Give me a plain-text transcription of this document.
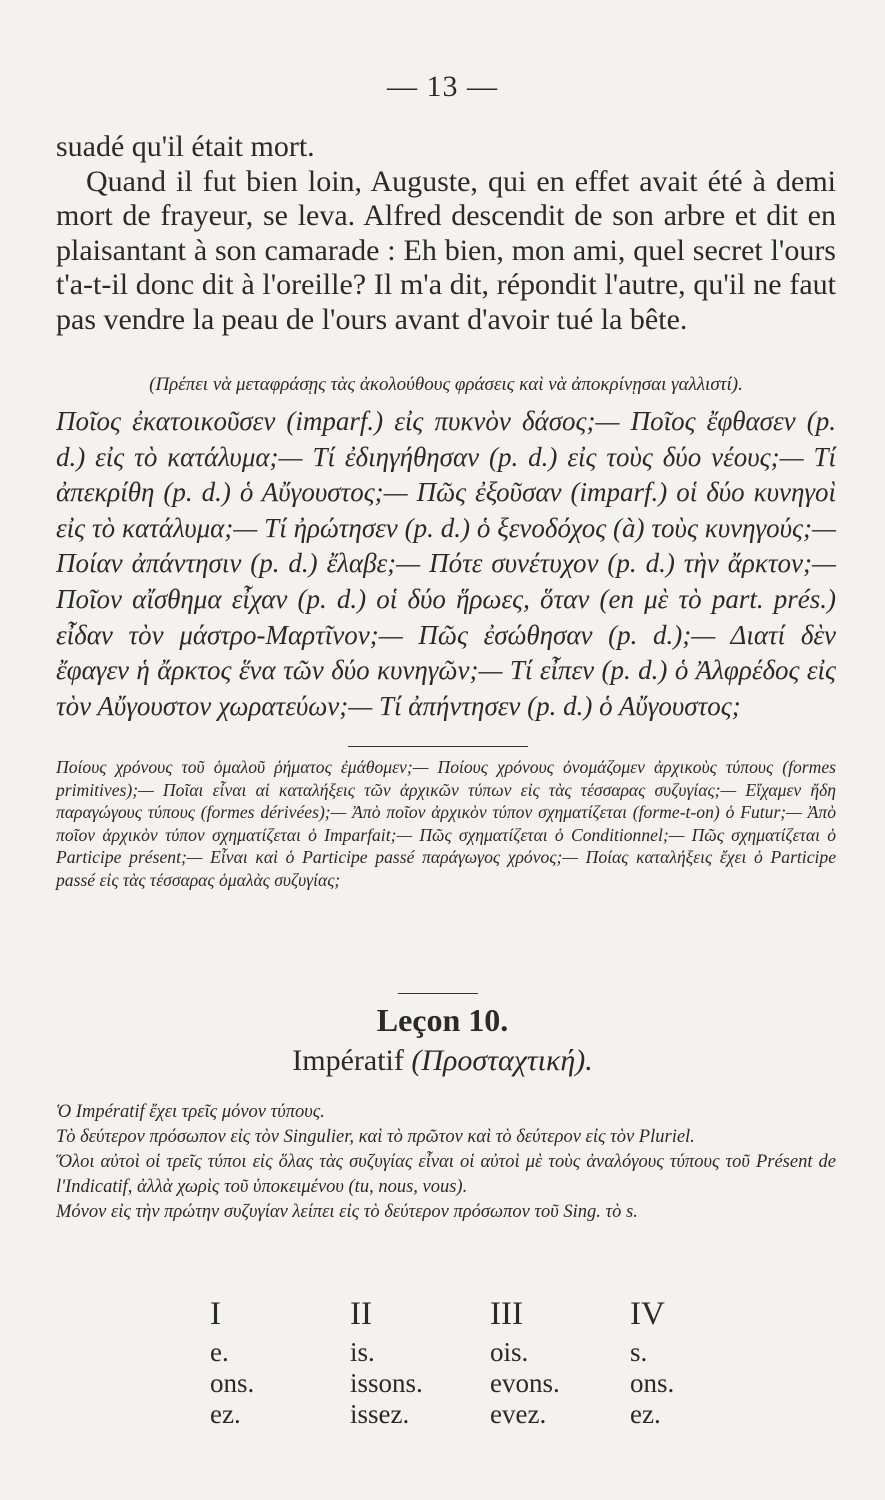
— 13 —

suadé qu'il était mort.

Quand il fut bien loin, Auguste, qui en effet avait été à demi mort de frayeur, se leva. Alfred descendit de son arbre et dit en plaisantant à son camarade : Eh bien, mon ami, quel secret l'ours t'a-t-il donc dit à l'oreille? Il m'a dit, répondit l'autre, qu'il ne faut pas vendre la peau de l'ours avant d'avoir tué la bête.

(Πρέπει νὰ μεταφράσῃς τὰς ἀκολούθους φράσεις καὶ νὰ ἀποκρίνῃσαι γαλλιστί).
Ποῖος ἐκατοικοῦσεν (imparf.) εἰς πυκνὸν δάσος;— Ποῖος ἔφθασεν (p. d.) εἰς τὸ κατάλυμα;— Τί ἐδιηγήθησαν (p. d.) εἰς τοὺς δύο νέους;— Τί ἀπεκρίθη (p. d.) ὁ Αὔγουστος;— Πῶς ἐξοῦσαν (imparf.) οἱ δύο κυνηγοὶ εἰς τὸ κατάλυμα;— Τί ἠρώτησεν (p. d.) ὁ ξενοδόχος (à) τοὺς κυνηγούς;— Ποίαν ἀπάντησιν (p. d.) ἔλαβε;— Πότε συνέτυχον (p. d.) τὴν ἄρκτον;— Ποῖον αἴσθημα εἶχαν (p. d.) οἱ δύο ἥρωες, ὅταν (en μὲ τὸ part. prés.) εἶδαν τὸν μάστρο-Μαρτῖνον;— Πῶς ἐσώθησαν (p. d.);— Διατί δὲν ἔφαγεν ἡ ἄρκτος ἕνα τῶν δύο κυνηγῶν;— Τί εἶπεν (p. d.) ὁ Ἀλφρέδος εἰς τὸν Αὔγουστον χωρατεύων;— Τί ἀπήντησεν (p. d.) ὁ Αὔγουστος;
Ποίους χρόνους τοῦ ὁμαλοῦ ῥήματος ἐμάθομεν;— Ποίους χρόνους ὀνομάζομεν ἀρχικοὺς τύπους (formes primitives);— Ποῖαι εἶναι αἱ καταλήξεις τῶν ἀρχικῶν τύπων εἰς τὰς τέσσαρας συζυγίας;— Εἴχαμεν ἤδη παραγώγους τύπους (formes dérivées);— Ἀπὸ ποῖον ἀρχικὸν τύπον σχηματίζεται (forme-t-on) ὁ Futur;— Ἀπὸ ποῖον ἀρχικὸν τύπον σχηματίζεται ὁ Imparfait;— Πῶς σχηματίζεται ὁ Conditionnel;— Πῶς σχηματίζεται ὁ Participe présent;— Εἶναι καὶ ὁ Participe passé παράγωγος χρόνος;— Ποίας καταλήξεις ἔχει ὁ Participe passé εἰς τὰς τέσσαρας ὁμαλὰς συζυγίας;
Leçon 10.
Impératif (Προσταχτική).

Ὁ Impératif ἔχει τρεῖς μόνον τύπους.

Τὸ δεύτερον πρόσωπον εἰς τὸν Singulier, καὶ τὸ πρῶτον καὶ τὸ δεύτερον εἰς τὸν Pluriel.

Ὅλοι αὐτοὶ οἱ τρεῖς τύποι εἰς ὅλας τὰς συζυγίας εἶναι οἱ αὐτοὶ μὲ τοὺς ἀναλόγους τύπους τοῦ Présent de l'Indicatif, ἀλλὰ χωρὶς τοῦ ὑποκειμένου (tu, nous, vous).

Μόνον εἰς τὴν πρώτην συζυγίαν λείπει εἰς τὸ δεύτερον πρόσωπον τοῦ Sing. τὸ s.

I	II	III	IV
e.	is.	ois.	s.
ons.	issons.	evons.	ons.
ez.	issez.	evez.	ez.
